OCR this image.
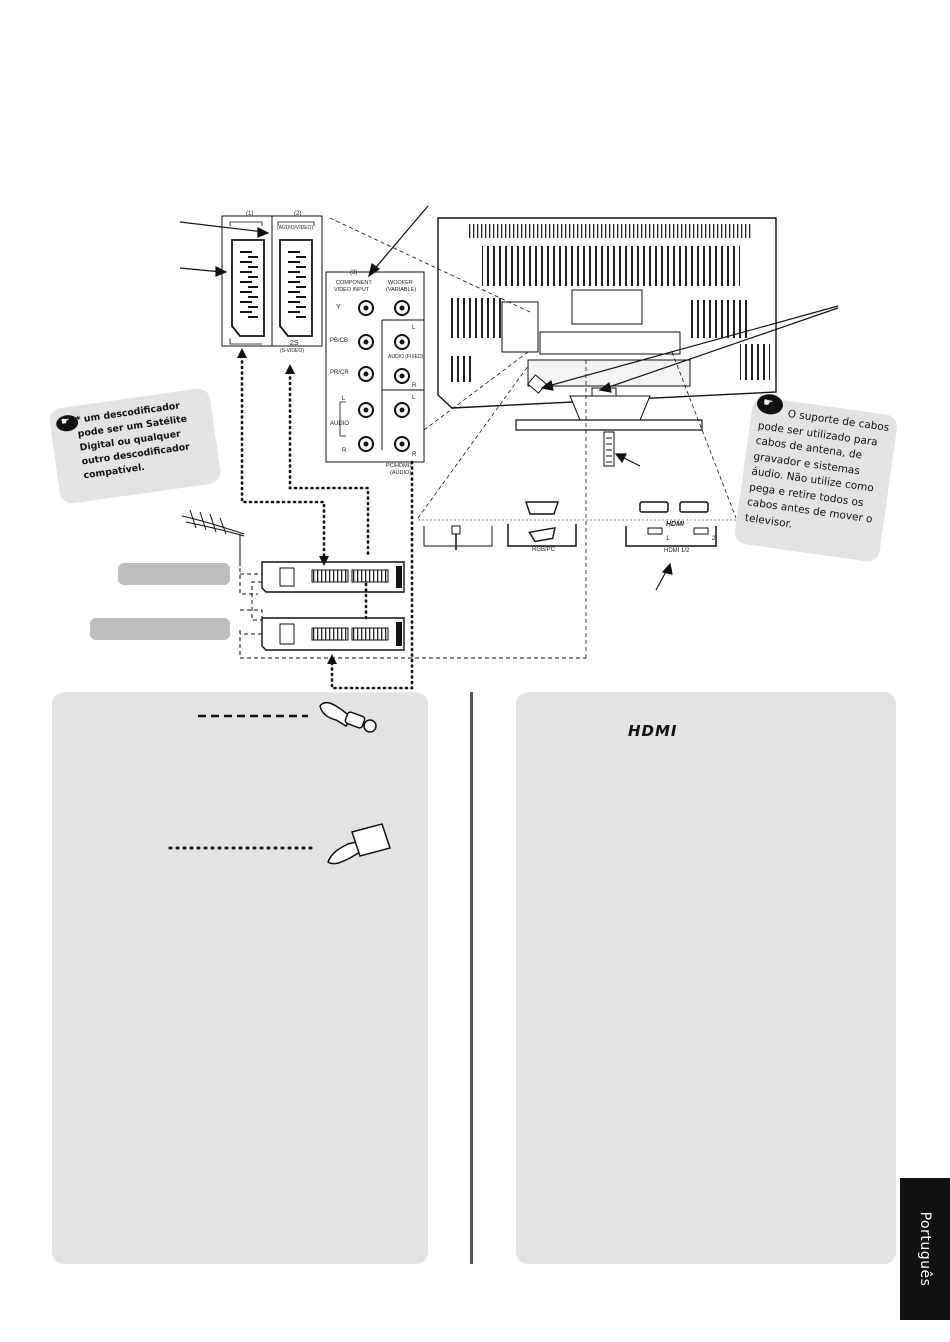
(1)	(2)
(AUDIO/VIDEO)
2S
(S-VIDEO)
(3)
COMPONENT
VIDEO INPUT
WOOFER
(VARIABLE)
Y
PB/CB
PR/CR
AUDIO
L
R
L
AUDIO (FIXED)
R
L
R
PC/HDMI1
(AUDIO)
RGB/PC
HDMI
1	2
HDMI 1/2
☛ * um descodificador pode ser um Satélite Digital ou qualquer outro descodificador compatível.
☛
O suporte de cabos pode ser utilizado para cabos de antena, de gravador e sistemas áudio. Não utilize como pega e retire todos os cabos antes de mover o televisor.
HDMI
Português
